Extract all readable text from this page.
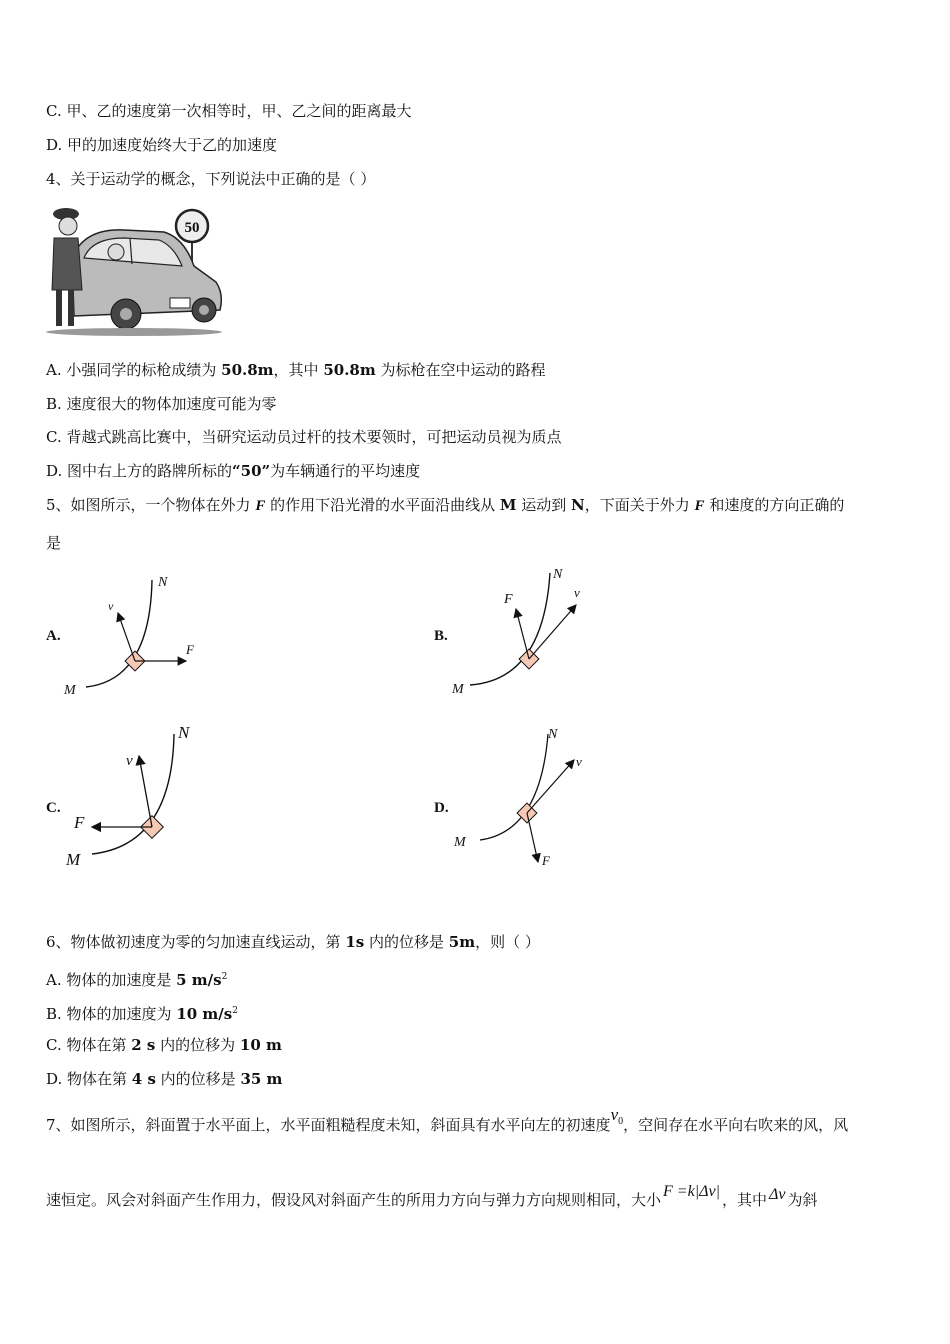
C. 甲、乙的速度第一次相等时，甲、乙之间的距离最大
D. 甲的加速度始终大于乙的加速度
4、关于运动学的概念，下列说法中正确的是（ ）
50
A. 小强同学的标枪成绩为 50.8m，其中 50.8m 为标枪在空中运动的路程
B. 速度很大的物体加速度可能为零
C. 背越式跳高比赛中，当研究运动员过杆的技术要领时，可把运动员视为质点
D. 图中右上方的路牌所标的“50”为车辆通行的平均速度
5、如图所示，一个物体在外力 F 的作用下沿光滑的水平面沿曲线从 M 运动到 N，下面关于外力 F 和速度的方向正确的
是
A.
N
v
F
M
B.
N
F	v
M
C.
N
v
F
M
D.
N
v
M
F
6、物体做初速度为零的匀加速直线运动，第 1s 内的位移是 5m，则（ ）
A. 物体的加速度是 5 $m/s^2$
B. 物体的加速度为 10 $m/s^2$
C. 物体在第 2 s 内的位移为 10 m
D. 物体在第 4 s 内的位移是 35 m
7、如图所示，斜面置于水平面上，水平面粗糙程度未知，斜面具有水平向左的初速度$v^0$，空间存在水平向右吹来的风，风
速恒定。风会对斜面产生作用力，假设风对斜面产生的所用力方向与弹力方向规则相同，大小 F =k|Δv| ，其中 Δv 为斜
